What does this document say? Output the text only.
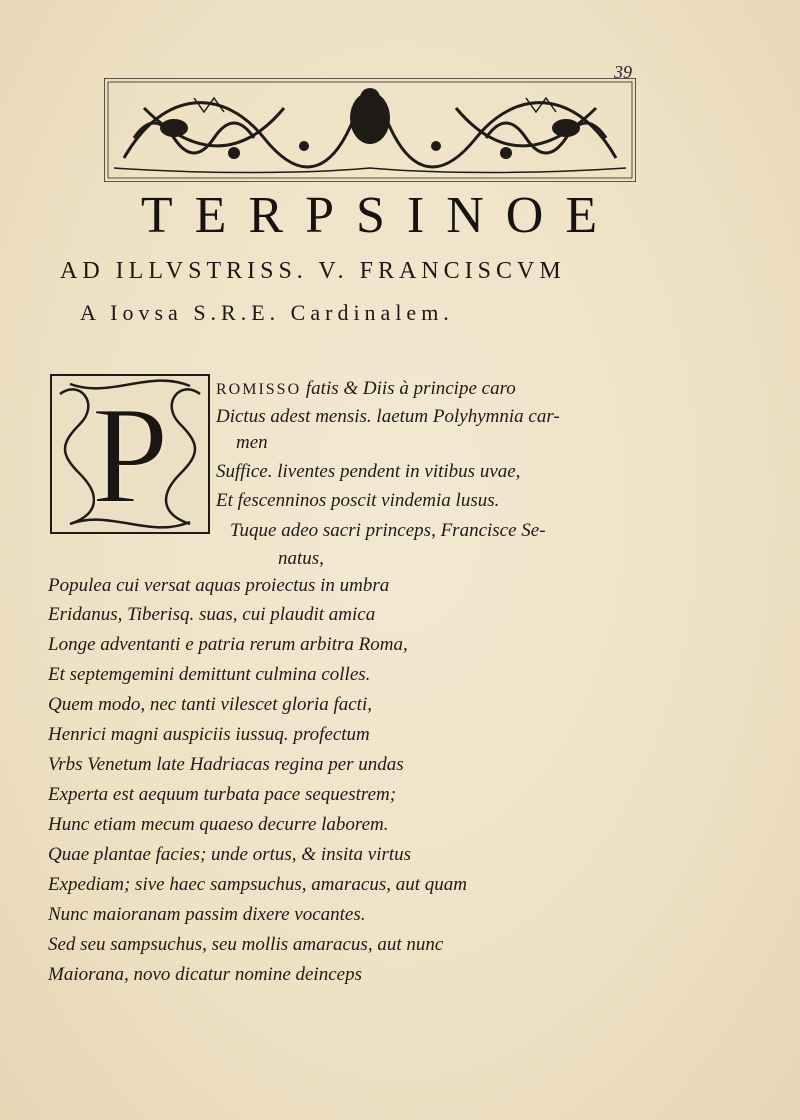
39
TERPSINOE
AD ILLVSTRISS. V. FRANCISCVM
A Iovsa S.R.E. Cardinalem.
P	ROMISSO fatis & Diis à principe caro
Dictus adest mensis. laetum Polyhymnia car-
men
Suffice. liventes pendent in vitibus uvae,
Et fescenninos poscit vindemia lusus.
Tuque adeo sacri princeps, Francisce Se-
natus,
Populea cui versat aquas proiectus in umbra
Eridanus, Tiberisq. suas, cui plaudit amica
Longe adventanti e patria rerum arbitra Roma,
Et septemgemini demittunt culmina colles.
Quem modo, nec tanti vilescet gloria facti,
Henrici magni auspiciis iussuq. profectum
Vrbs Venetum late Hadriacas regina per undas
Experta est aequum turbata pace sequestrem;
Hunc etiam mecum quaeso decurre laborem.
Quae plantae facies; unde ortus, & insita virtus
Expediam; sive haec sampsuchus, amaracus, aut quam
Nunc maioranam passim dixere vocantes.
Sed seu sampsuchus, seu mollis amaracus, aut nunc
Maiorana, novo dicatur nomine deinceps
